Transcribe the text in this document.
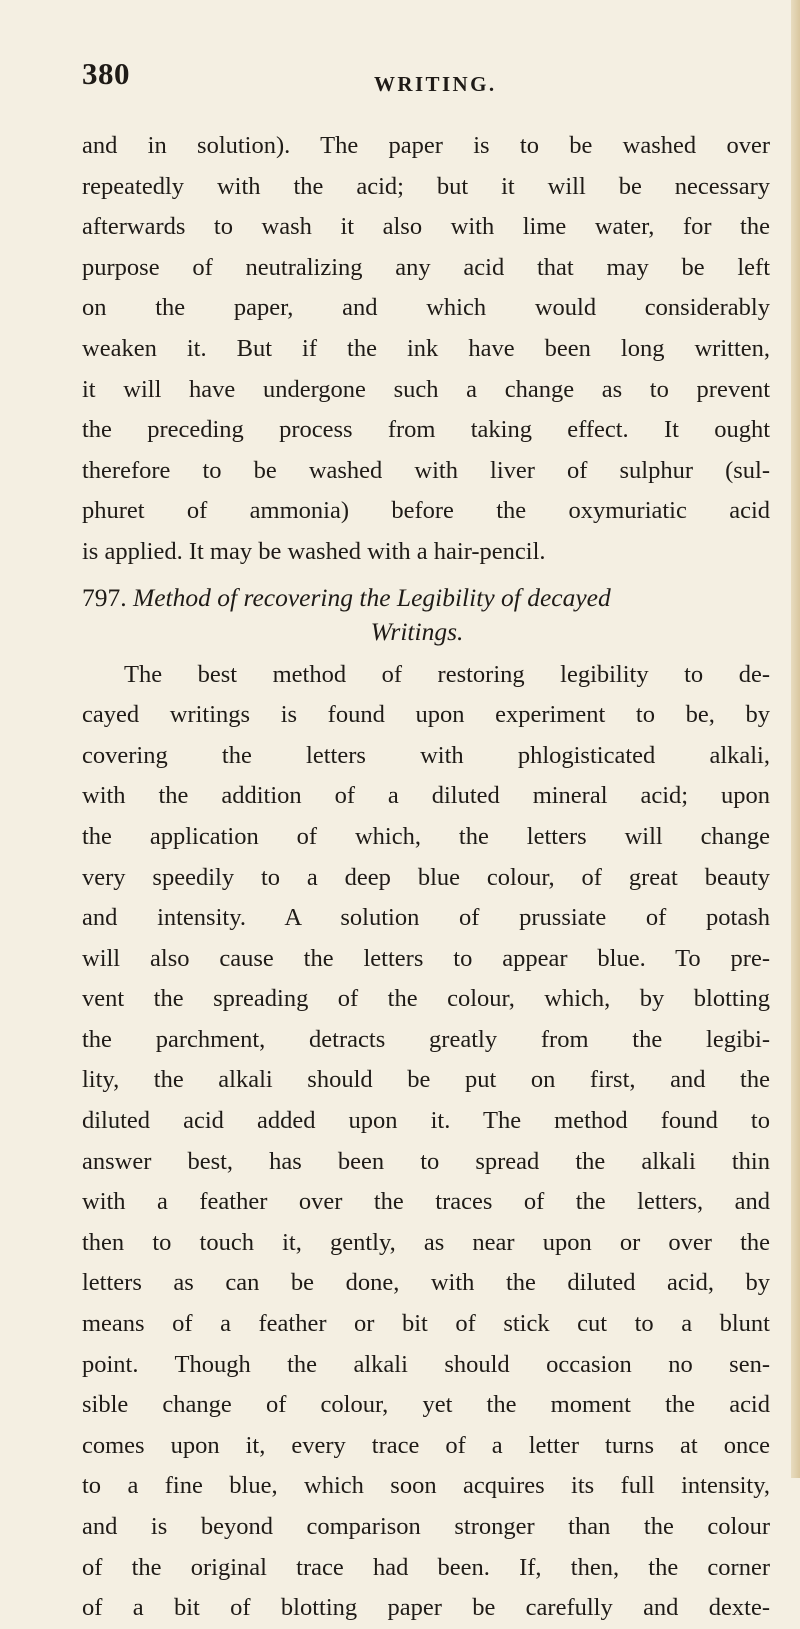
380	WRITING.
and in solution). The paper is to be washed over
repeatedly with the acid; but it will be necessary
afterwards to wash it also with lime water, for the
purpose of neutralizing any acid that may be left
on the paper, and which would considerably
weaken it. But if the ink have been long written,
it will have undergone such a change as to prevent
the preceding process from taking effect. It ought
therefore to be washed with liver of sulphur (sul-
phuret of ammonia) before the oxymuriatic acid
is applied. It may be washed with a hair-pencil.
797. Method of recovering the Legibility of decayed
Writings.
The best method of restoring legibility to de-
cayed writings is found upon experiment to be, by
covering the letters with phlogisticated alkali,
with the addition of a diluted mineral acid; upon
the application of which, the letters will change
very speedily to a deep blue colour, of great beauty
and intensity. A solution of prussiate of potash
will also cause the letters to appear blue. To pre-
vent the spreading of the colour, which, by blotting
the parchment, detracts greatly from the legibi-
lity, the alkali should be put on first, and the
diluted acid added upon it. The method found to
answer best, has been to spread the alkali thin
with a feather over the traces of the letters, and
then to touch it, gently, as near upon or over the
letters as can be done, with the diluted acid, by
means of a feather or bit of stick cut to a blunt
point. Though the alkali should occasion no sen-
sible change of colour, yet the moment the acid
comes upon it, every trace of a letter turns at once
to a fine blue, which soon acquires its full intensity,
and is beyond comparison stronger than the colour
of the original trace had been. If, then, the corner
of a bit of blotting paper be carefully and dexte-
